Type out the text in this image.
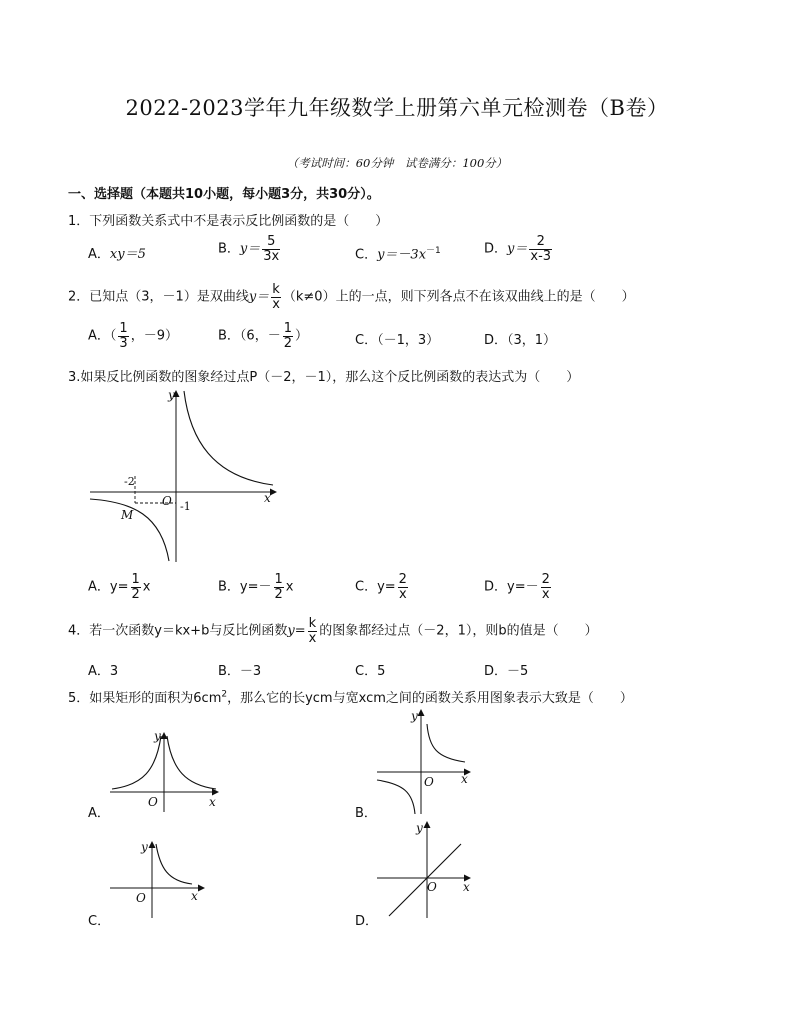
2022-2023学年九年级数学上册第六单元检测卷（B卷）
（考试时间：60分钟　试卷满分：100分）
一、选择题（本题共10小题，每小题3分，共30分）。
1．下列函数关系式中不是表示反比例函数的是（　　）
A．xy＝5	B．$y= \frac{5}{3x}$	C．$y=-3x^{-1}$	D．$y= \frac{2}{x-3}$
2．已知点（3，－1）是双曲线$y= \frac{k}{x} (k\ne 0)$上的一点，则下列各点不在该双曲线上的是（　　）
A．（ $\frac{1}{3}$ ，－9）	B．（6，－ $\frac{1}{2}$ ）	C．（－1，3）	D．（3，1）
3.如果反比例函数的图象经过点P（－2，－1），那么这个反比例函数的表达式为（　　）
y
x
O
-2
-1
M
A．$y= \frac{1}{2}$ x	B．$y=- \frac{1}{2}$ x	C．$y= \frac{2}{x}$	D．$y=- \frac{2}{x}$
4．若一次函数y＝kx+b与反比例函数$y= \frac{k}{x}$ 的图象都经过点（－2，1），则b的值是（　　）
A．3	B．－3	C．5	D．－5
5．如果矩形的面积为$6cm^2$，那么它的长ycm与宽xcm之间的函数关系用图象表示大致是（　　）
A．
y
x
O
B．
y
x
O
C．
y
x
O
D．
y
x
O
